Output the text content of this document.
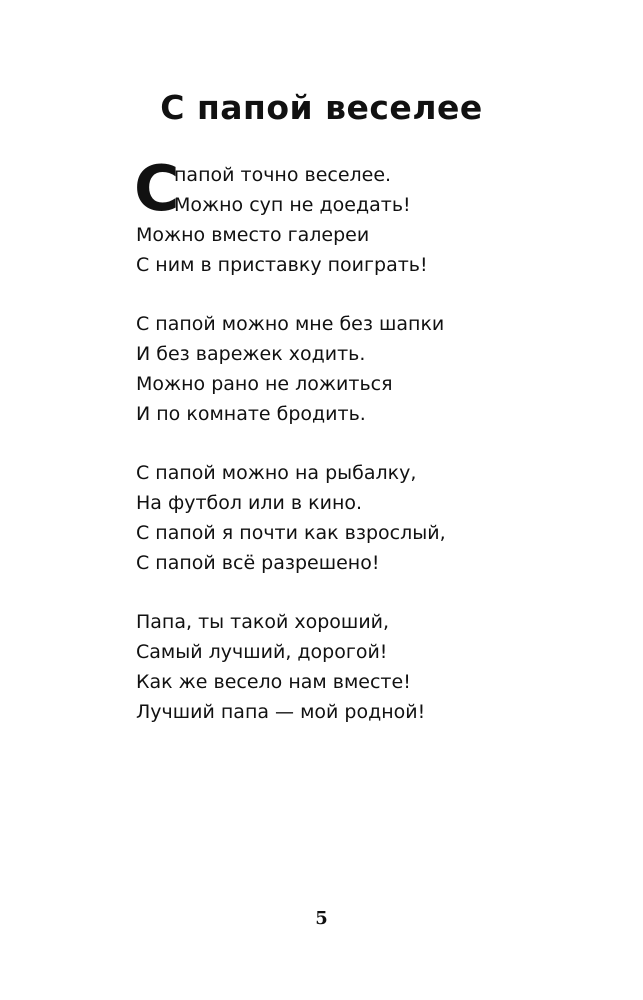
С папой веселее
С
папой точно веселее.
Можно суп не доедать!
Можно вместо галереи
С ним в приставку поиграть!
С папой можно мне без шапки
И без варежек ходить.
Можно рано не ложиться
И по комнате бродить.
С папой можно на рыбалку,
На футбол или в кино.
С папой я почти как взрослый,
С папой всё разрешено!
Папа, ты такой хороший,
Самый лучший, дорогой!
Как же весело нам вместе!
Лучший папа — мой родной!
5
